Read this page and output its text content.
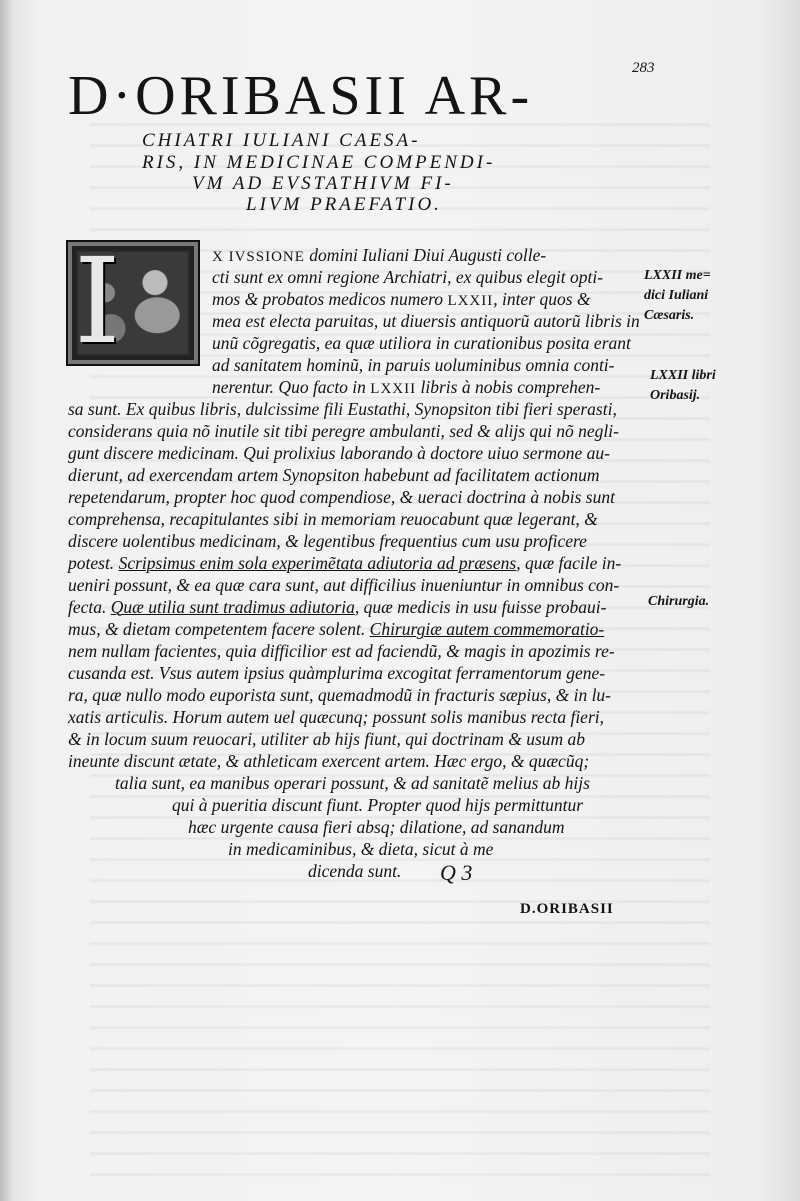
283
D·ORIBASII AR-
CHIATRI IULIANI CAESA-
RIS, IN MEDICINAE COMPENDI-
VM AD EVSTATHIVM FI-
LIVM PRAEFATIO.
I	X IVSSIONE domini Iuliani Diui Augusti colle-
cti sunt ex omni regione Archiatri, ex quibus elegit opti-
mos & probatos medicos numero LXXII, inter quos &
mea est electa paruitas, ut diuersis antiquorũ autorũ libris in
unũ cõgregatis, ea quæ utiliora in curationibus posita erant
ad sanitatem hominũ, in paruis uoluminibus omnia conti-
nerentur. Quo facto in LXXII libris à nobis comprehen-
sa sunt. Ex quibus libris, dulcissime fili Eustathi, Synopsiton tibi fieri sperasti,
considerans quia nõ inutile sit tibi peregre ambulanti, sed & alijs qui nõ negli-
gunt discere medicinam. Qui prolixius laborando à doctore uiuo sermone au-
dierunt, ad exercendam artem Synopsiton habebunt ad facilitatem actionum
repetendarum, propter hoc quod compendiose, & ueraci doctrina à nobis sunt
comprehensa, recapitulantes sibi in memoriam reuocabunt quæ legerant, &
discere uolentibus medicinam, & legentibus frequentius cum usu proficere
potest. Scripsimus enim sola experimẽtata adiutoria ad præsens, quæ facile in-
ueniri possunt, & ea quæ cara sunt, aut difficilius inueniuntur in omnibus con-
fecta. Quæ utilia sunt tradimus adiutoria, quæ medicis in usu fuisse probaui-
mus, & dietam competentem facere solent. Chirurgiæ autem commemoratio-
nem nullam facientes, quia difficilior est ad faciendũ, & magis in apozimis re-
cusanda est. Vsus autem ipsius quàmplurima excogitat ferramentorum gene-
ra, quæ nullo modo euporista sunt, quemadmodũ in fracturis sæpius, & in lu-
xatis articulis. Horum autem uel quæcunq; possunt solis manibus recta fieri,
& in locum suum reuocari, utiliter ab hijs fiunt, qui doctrinam & usum ab
ineunte discunt ætate, & athleticam exercent artem. Hæc ergo, & quæcũq;
talia sunt, ea manibus operari possunt, & ad sanitatẽ melius ab hijs
qui à pueritia discunt fiunt. Propter quod hijs permittuntur
hæc urgente causa fieri absq; dilatione, ad sanandum
in medicaminibus, & dieta, sicut à me
dicenda sunt.
LXXII me=
dici Iuliani
Cæsaris.
LXXII libri
Oribasij.
Chirurgia.
Q 3
D.ORIBASII
